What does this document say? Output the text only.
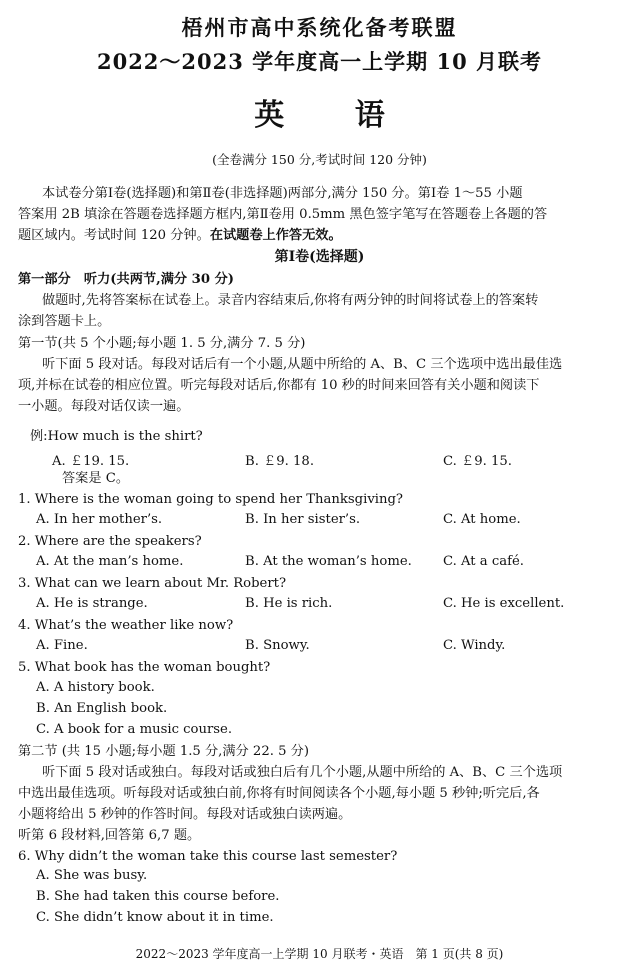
梧州市高中系统化备考联盟
2022～2023 学年度高一上学期 10 月联考
英 语
(全卷满分 150 分,考试时间 120 分钟)
本试卷分第Ⅰ卷(选择题)和第Ⅱ卷(非选择题)两部分,满分 150 分。第Ⅰ卷 1～55 小题
答案用 2B 填涂在答题卷选择题方框内,第Ⅱ卷用 0.5mm 黑色签字笔写在答题卷上各题的答
题区域内。考试时间 120 分钟。在试题卷上作答无效。
第Ⅰ卷(选择题)
第一部分　听力(共两节,满分 30 分)
做题时,先将答案标在试卷上。录音内容结束后,你将有两分钟的时间将试卷上的答案转
涂到答题卡上。
第一节(共 5 个小题;每小题 1. 5 分,满分 7. 5 分)
听下面 5 段对话。每段对话后有一个小题,从题中所给的 A、B、C 三个选项中选出最佳选
项,并标在试卷的相应位置。听完每段对话后,你都有 10 秒的时间来回答有关小题和阅读下
一小题。每段对话仅读一遍。
例:How much is the shirt?
A. ￡19. 15.	B. ￡9. 18.	C. ￡9. 15.
答案是 C。
1. Where is the woman going to spend her Thanksgiving?
A. In her mother’s.	B. In her sister’s.	C. At home.
2. Where are the speakers?
A. At the man’s home.	B. At the woman’s home. C. At a café.
3. What can we learn about Mr. Robert?
A. He is strange.	B. He is rich.	C. He is excellent.
4. What’s the weather like now?
A. Fine.	B. Snowy.	C. Windy.
5. What book has the woman bought?
A. A history book.
B. An English book.
C. A book for a music course.
第二节 (共 15 小题;每小题 1.5 分,满分 22. 5 分)
听下面 5 段对话或独白。每段对话或独白后有几个小题,从题中所给的 A、B、C 三个选项
中选出最佳选项。听每段对话或独白前,你将有时间阅读各个小题,每小题 5 秒钟;听完后,各
小题将给出 5 秒钟的作答时间。每段对话或独白读两遍。
听第 6 段材料,回答第 6,7 题。
6. Why didn’t the woman take this course last semester?
A. She was busy.
B. She had taken this course before.
C. She didn’t know about it in time.
2022～2023 学年度高一上学期 10 月联考・英语　第 1 页(共 8 页)
